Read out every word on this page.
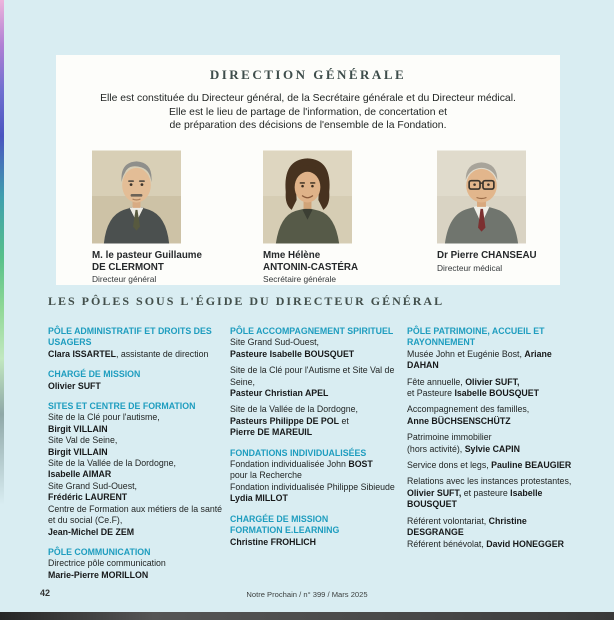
DIRECTION GÉNÉRALE
Elle est constituée du Directeur général, de la Secrétaire générale et du Directeur médical.
Elle est le lieu de partage de l'information, de concertation et
de préparation des décisions de l'ensemble de la Fondation.
M. le pasteur Guillaume
DE CLERMONT
Directeur général
Mme Hélène
ANTONIN-CASTÉRA
Secrétaire générale
Dr Pierre CHANSEAU
Directeur médical
LES PÔLES SOUS L'ÉGIDE DU DIRECTEUR GÉNÉRAL
PÔLE ADMINISTRATIF ET DROITS DES USAGERS
Clara ISSARTEL, assistante de direction
CHARGÉ DE MISSION
Olivier SUFT
SITES ET CENTRE DE FORMATION
Site de la Clé pour l'autisme,
Birgit VILLAIN
Site Val de Seine,
Birgit VILLAIN
Site de la Vallée de la Dordogne,
Isabelle AIMAR
Site Grand Sud-Ouest,
Frédéric LAURENT
Centre de Formation aux métiers de la santé
et du social (Ce.F),
Jean-Michel DE ZEM
PÔLE COMMUNICATION
Directrice pôle communication
Marie-Pierre MORILLON
PÔLE ACCOMPAGNEMENT SPIRITUEL
Site Grand Sud-Ouest,
Pasteure Isabelle BOUSQUET
Site de la Clé pour l'Autisme et Site Val de Seine,
Pasteur Christian APEL
Site de la Vallée de la Dordogne,
Pasteurs Philippe DE POL et
Pierre DE MAREUIL
FONDATIONS INDIVIDUALISÉES
Fondation individualisée John BOST
pour la Recherche
Fondation individualisée Philippe Sibieude
Lydia MILLOT
CHARGÉE DE MISSION
FORMATION E.LEARNING
Christine FROHLICH
PÔLE PATRIMOINE, ACCUEIL ET RAYONNEMENT
Musée John et Eugénie Bost, Ariane DAHAN
Fête annuelle, Olivier SUFT,
et Pasteure Isabelle BOUSQUET
Accompagnement des familles,
Anne BÜCHSENSCHÜTZ
Patrimoine immobilier
(hors activité), Sylvie CAPIN
Service dons et legs, Pauline BEAUGIER
Relations avec les instances protestantes,
Olivier SUFT, et pasteure Isabelle BOUSQUET
Référent volontariat, Christine DESGRANGE
Référent bénévolat, David HONEGGER
42	Notre Prochain / n° 399 / Mars 2025
